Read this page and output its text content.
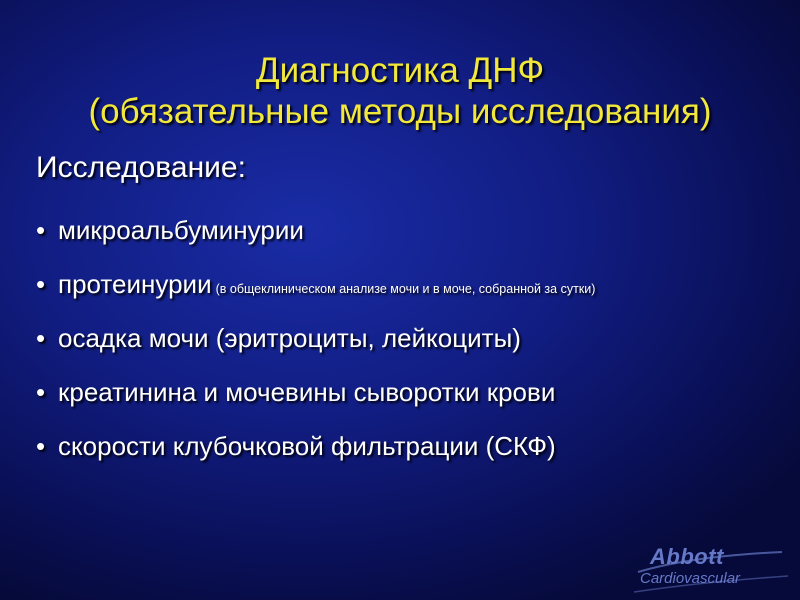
Диагностика ДНФ
(обязательные методы исследования)
Исследование:
• микроальбуминурии
• протеинурии (в общеклиническом анализе мочи и в моче, собранной за сутки)
• осадка мочи (эритроциты, лейкоциты)
• креатинина и мочевины сыворотки крови
• скорости клубочковой фильтрации (СКФ)
Abbott
Cardiovascular
